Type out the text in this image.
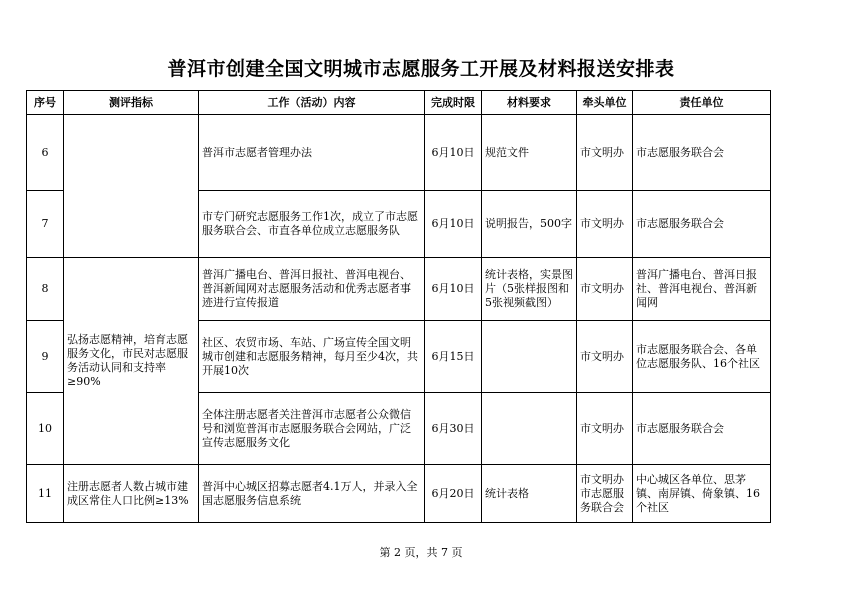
普洱市创建全国文明城市志愿服务工开展及材料报送安排表
序号	测评指标	工作（活动）内容	完成时限	材料要求	牵头单位	责任单位
6		普洱市志愿者管理办法	6月10日	规范文件	市文明办	市志愿服务联合会
7		市专门研究志愿服务工作1次，成立了市志愿服务联合会、市直各单位成立志愿服务队	6月10日	说明报告，500字	市文明办	市志愿服务联合会
8	弘扬志愿精神，培育志愿服务文化，市民对志愿服务活动认同和支持率≥90%	普洱广播电台、普洱日报社、普洱电视台、普洱新闻网对志愿服务活动和优秀志愿者事迹进行宣传报道	6月10日	统计表格，实景图片（5张样报图和5张视频截图）	市文明办	普洱广播电台、普洱日报社、普洱电视台、普洱新闻网
9		社区、农贸市场、车站、广场宣传全国文明城市创建和志愿服务精神，每月至少4次，共开展10次	6月15日		市文明办	市志愿服务联合会、各单位志愿服务队、16个社区
10		全体注册志愿者关注普洱市志愿者公众微信号和浏览普洱市志愿服务联合会网站，广泛宣传志愿服务文化	6月30日		市文明办	市志愿服务联合会
11	注册志愿者人数占城市建成区常住人口比例≥13%	普洱中心城区招募志愿者4.1万人，并录入全国志愿服务信息系统	6月20日	统计表格	市文明办市志愿服务联合会	中心城区各单位、思茅镇、南屏镇、倚象镇、16个社区
第 2 页，共 7 页
